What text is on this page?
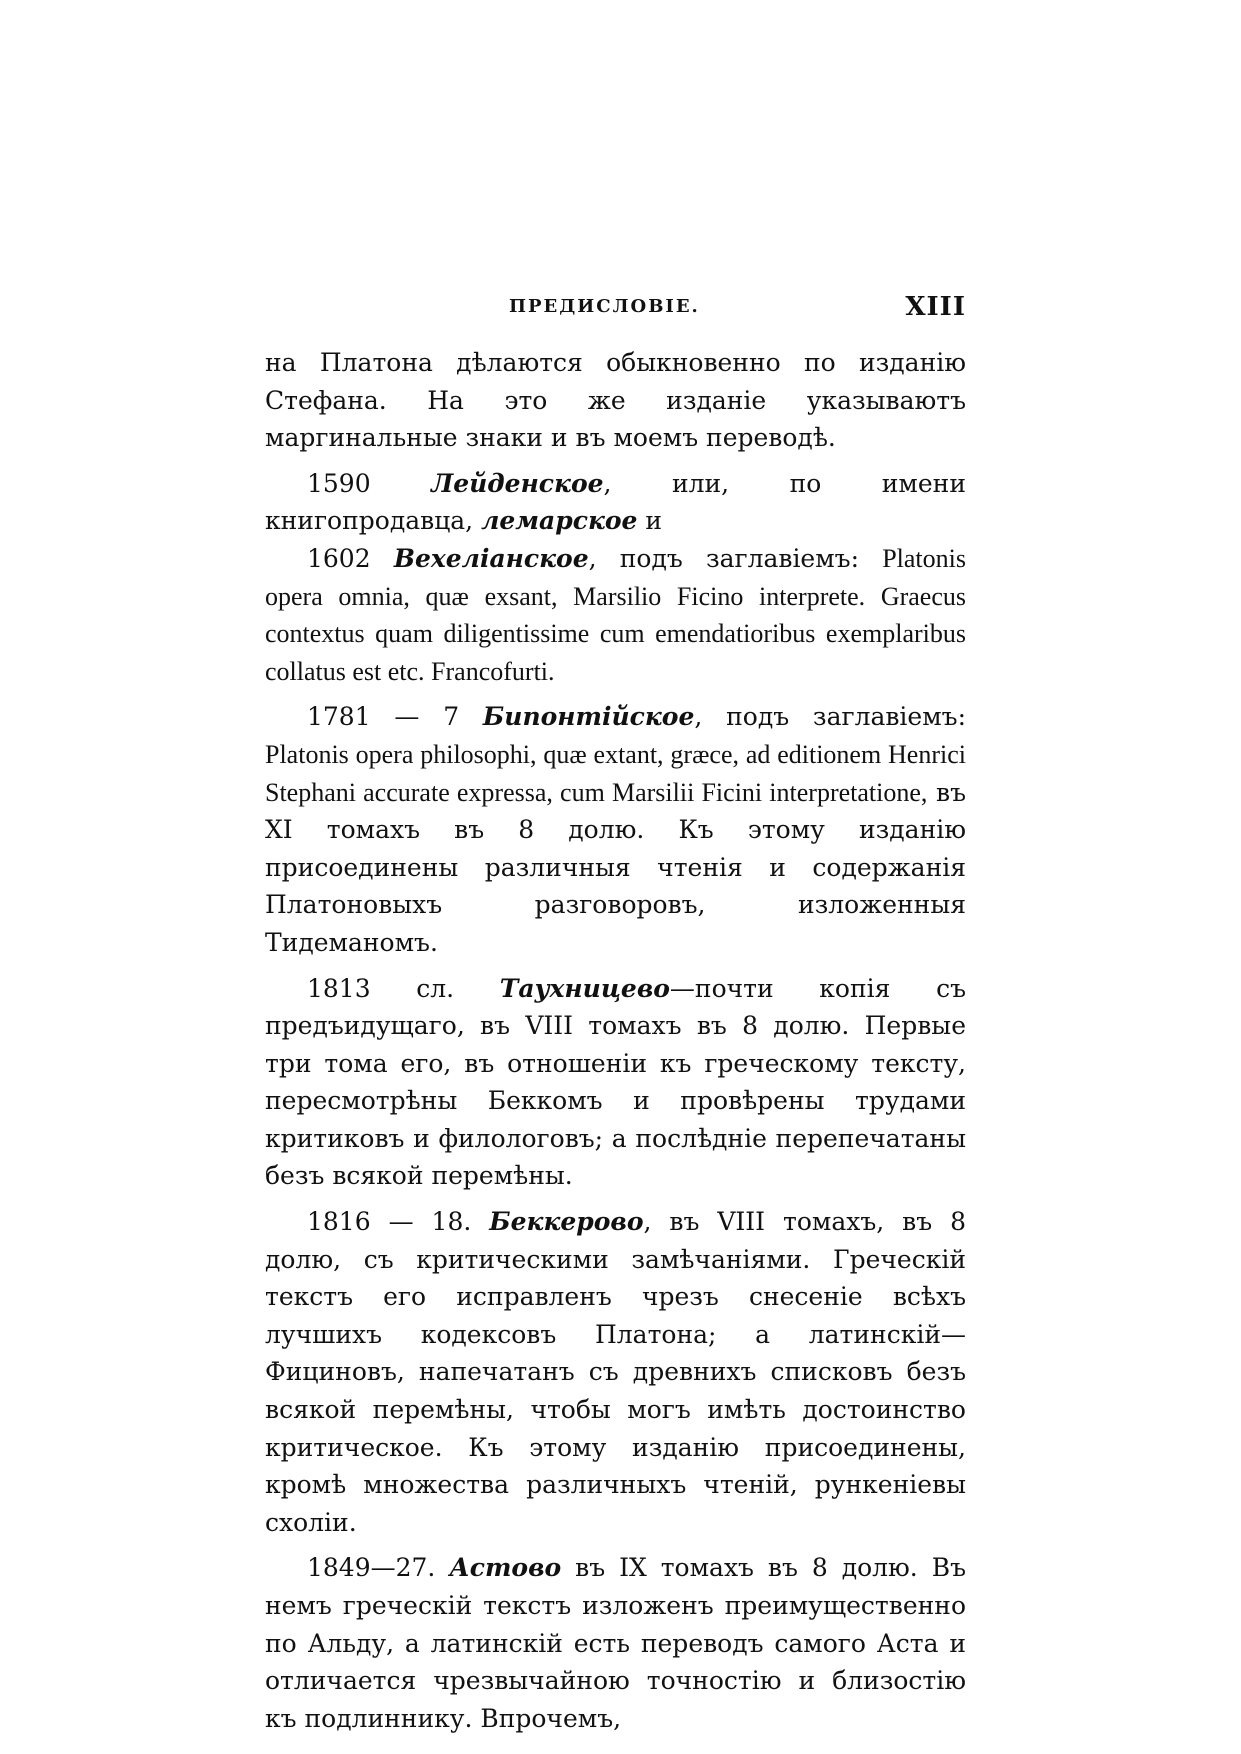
ПРЕДИСЛОВІЕ.	XIII

на Платона дѣлаются обыкновенно по изданію Стефана. На это же изданіе указываютъ маргинальные знаки и въ моемъ переводѣ.

1590 Лейденское, или, по имени книгопродавца, лемарское и

1602 Вехеліанское, подъ заглавіемъ: Platonis opera omnia, quæ exsant, Marsilio Ficino interprete. Graecus contextus quam diligentissime cum emendatioribus exemplaribus collatus est etc. Francofurti.

1781 — 7 Бипонтійское, подъ заглавіемъ: Platonis opera philosophi, quæ extant, græce, ad editionem Henrici Stephani accurate expressa, cum Marsilii Ficini interpretatione, въ XI томахъ въ 8 долю. Къ этому изданію присоединены различныя чтенія и содержанія Платоновыхъ разговоровъ, изложенныя Тидеманомъ.

1813 сл. Таухницево—почти копія съ предъидущаго, въ VIII томахъ въ 8 долю. Первые три тома его, въ отношеніи къ греческому тексту, пересмотрѣны Беккомъ и провѣрены трудами критиковъ и филологовъ; а послѣдніе перепечатаны безъ всякой перемѣны.

1816 — 18. Беккерово, въ VIII томахъ, въ 8 долю, съ критическими замѣчаніями. Греческій текстъ его исправленъ чрезъ снесеніе всѣхъ лучшихъ кодексовъ Платона; а латинскій—Фициновъ, напечатанъ съ древнихъ списковъ безъ всякой перемѣны, чтобы могъ имѣть достоинство критическое. Къ этому изданію присоединены, кромѣ множества различныхъ чтеній, рункеніевы схоліи.

1849—27. Астово въ IX томахъ въ 8 долю. Въ немъ греческій текстъ изложенъ преимущественно по Альду, а латинскій есть переводъ самого Аста и отличается чрезвычайною точностію и близостію къ подлиннику. Впрочемъ,
